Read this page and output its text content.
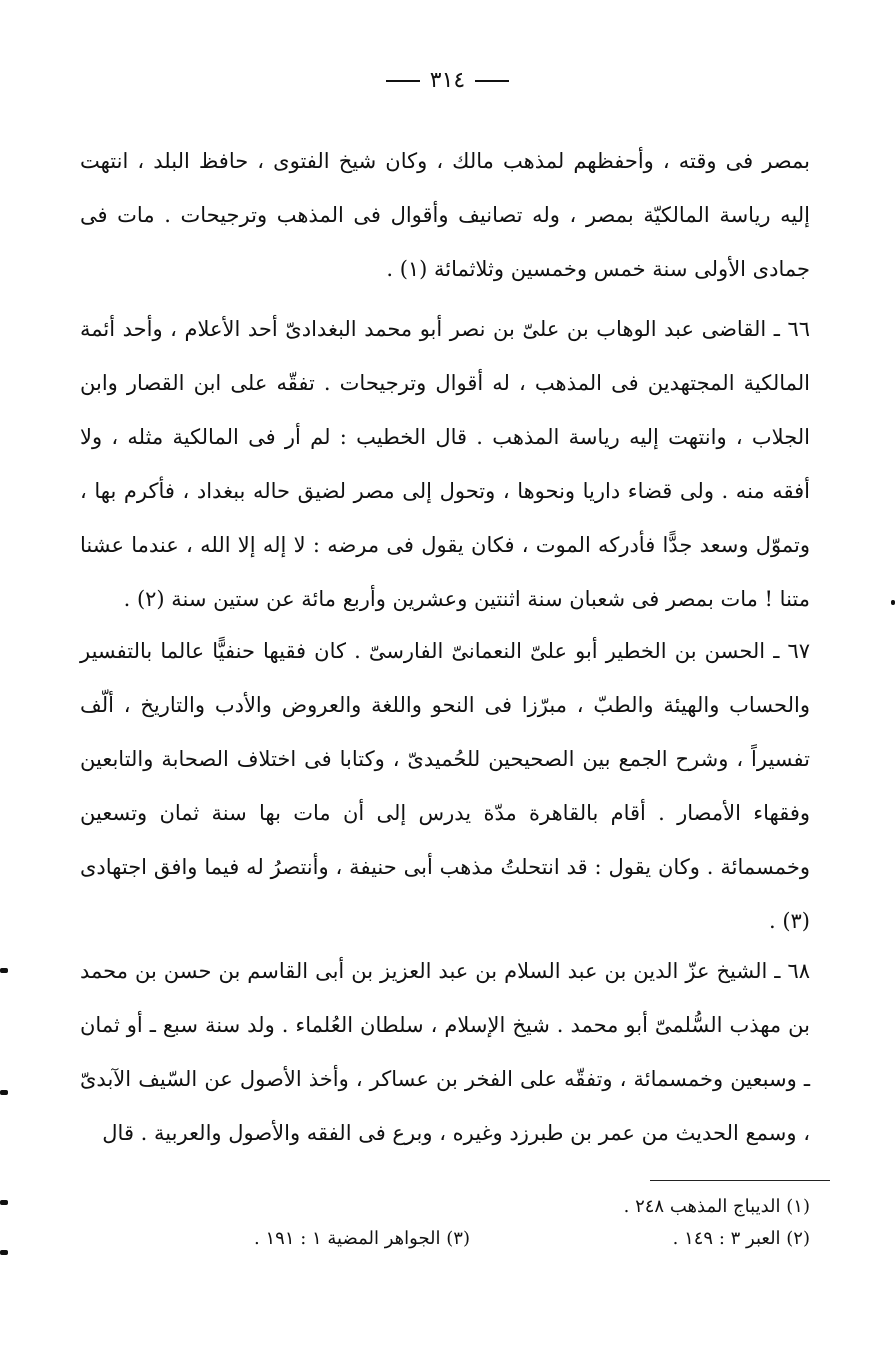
٣١٤

بمصر فى وقته ، وأحفظهم لمذهب مالك ، وكان شيخ الفتوى ، حافظ البلد ، انتهت إليه رياسة المالكيّة بمصر ، وله تصانيف وأقوال فى المذهب وترجيحات . مات فى جمادى الأولى سنة خمس وخمسين وثلاثمائة (١) .

٦٦ ـ القاضى عبد الوهاب بن علىّ بن نصر أبو محمد البغدادىّ أحد الأعلام ، وأحد أئمة المالكية المجتهدين فى المذهب ، له أقوال وترجيحات . تفقّه على ابن القصار وابن الجلاب ، وانتهت إليه رياسة المذهب . قال الخطيب : لم أر فى المالكية مثله ، ولا أفقه منه . ولى قضاء داريا ونحوها ، وتحول إلى مصر لضيق حاله ببغداد ، فأكرم بها ، وتموّل وسعد جدًّا فأدركه الموت ، فكان يقول فى مرضه : لا إله إلا الله ، عندما عشنا متنا ! مات بمصر فى شعبان سنة اثنتين وعشرين وأربع مائة عن ستين سنة (٢) .

٦٧ ـ الحسن بن الخطير أبو علىّ النعمانىّ الفارسىّ . كان فقيها حنفيًّا عالما بالتفسير والحساب والهيئة والطبّ ، مبرّزا فى النحو واللغة والعروض والأدب والتاريخ ، ألّف تفسيراً ، وشرح الجمع بين الصحيحين للحُميدىّ ، وكتابا فى اختلاف الصحابة والتابعين وفقهاء الأمصار . أقام بالقاهرة مدّة يدرس إلى أن مات بها سنة ثمان وتسعين وخمسمائة . وكان يقول : قد انتحلتُ مذهب أبى حنيفة ، وأنتصرُ له فيما وافق اجتهادى (٣) .

٦٨ ـ الشيخ عزّ الدين بن عبد السلام بن عبد العزيز بن أبى القاسم بن حسن بن محمد بن مهذب السُّلمىّ أبو محمد . شيخ الإسلام ، سلطان العُلماء . ولد سنة سبع ـ أو ثمان ـ وسبعين وخمسمائة ، وتفقّه على الفخر بن عساكر ، وأخذ الأصول عن السّيف الآبدىّ ، وسمع الحديث من عمر بن طبرزد وغيره ، وبرع فى الفقه والأصول والعربية . قال

(١) الديباج المذهب ٢٤٨ .
(٢) العبر ٣ : ١٤٩ .
(٣) الجواهر المضية ١ : ١٩١ .
